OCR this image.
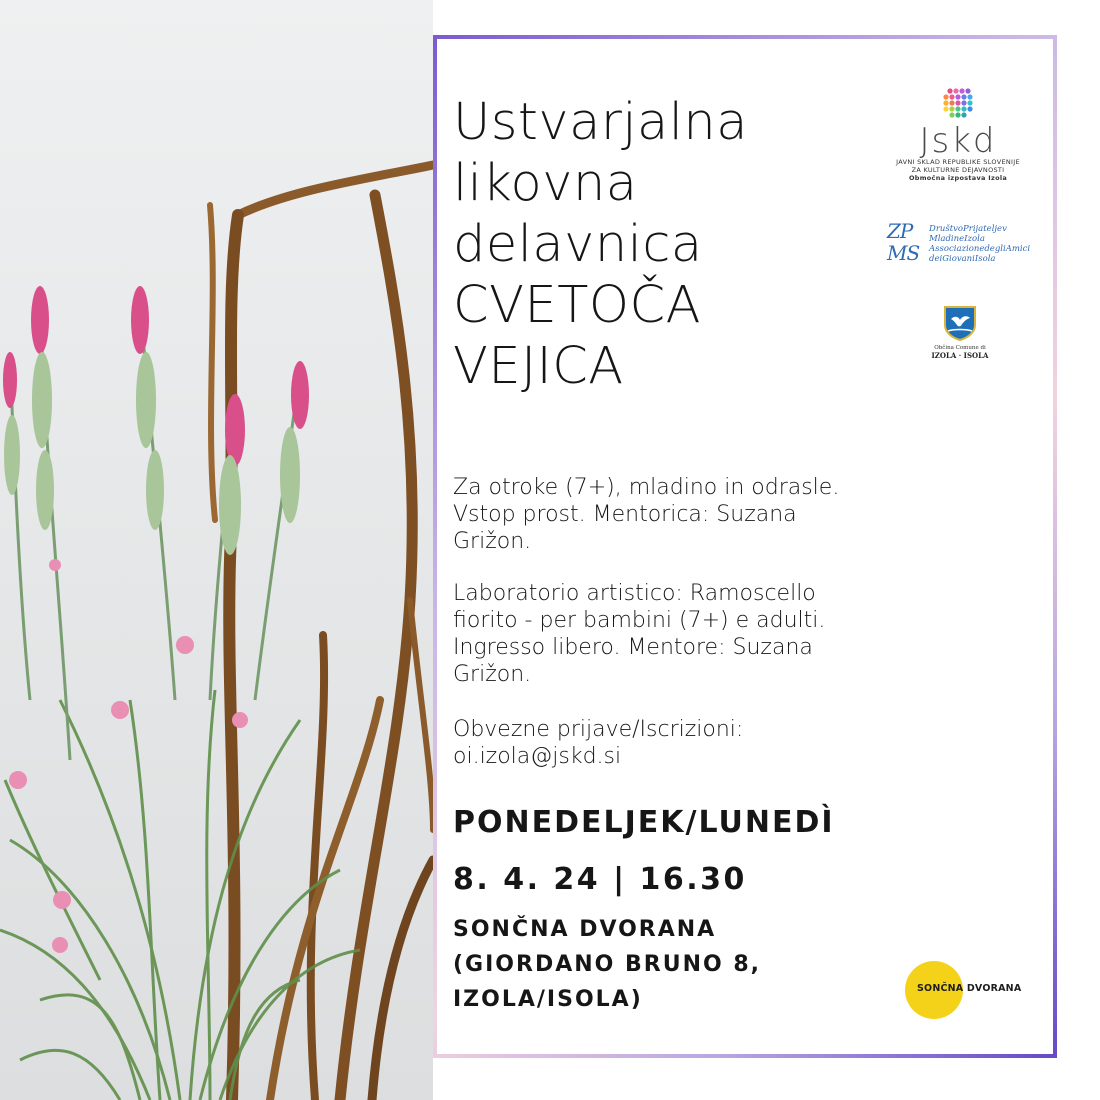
Ustvarjalna
likovna
delavnica
CVETOČA
VEJICA

Za otroke (7+), mladino in odrasle.
Vstop prost. Mentorica: Suzana
Grižon.

Laboratorio artistico: Ramoscello
fiorito - per bambini (7+) e adulti.
Ingresso libero. Mentore: Suzana
Grižon.

Obvezne prijave/Iscrizioni:
oi.izola@jskd.si

PONEDELJEK/LUNEDÌ

8. 4. 24 | 16.30

SONČNA DVORANA
(GIORDANO BRUNO 8,
IZOLA/ISOLA)

Jskd
JAVNI SKLAD REPUBLIKE SLOVENIJE
ZA KULTURNE DEJAVNOSTI
Območna izpostava Izola
ZP
MS
DruštvoPrijateljev
MladineIzola
AssociazionedegliAmici
deiGiovaniIsola
Občina Comune di
IZOLA · ISOLA
SONČNA DVORANA
